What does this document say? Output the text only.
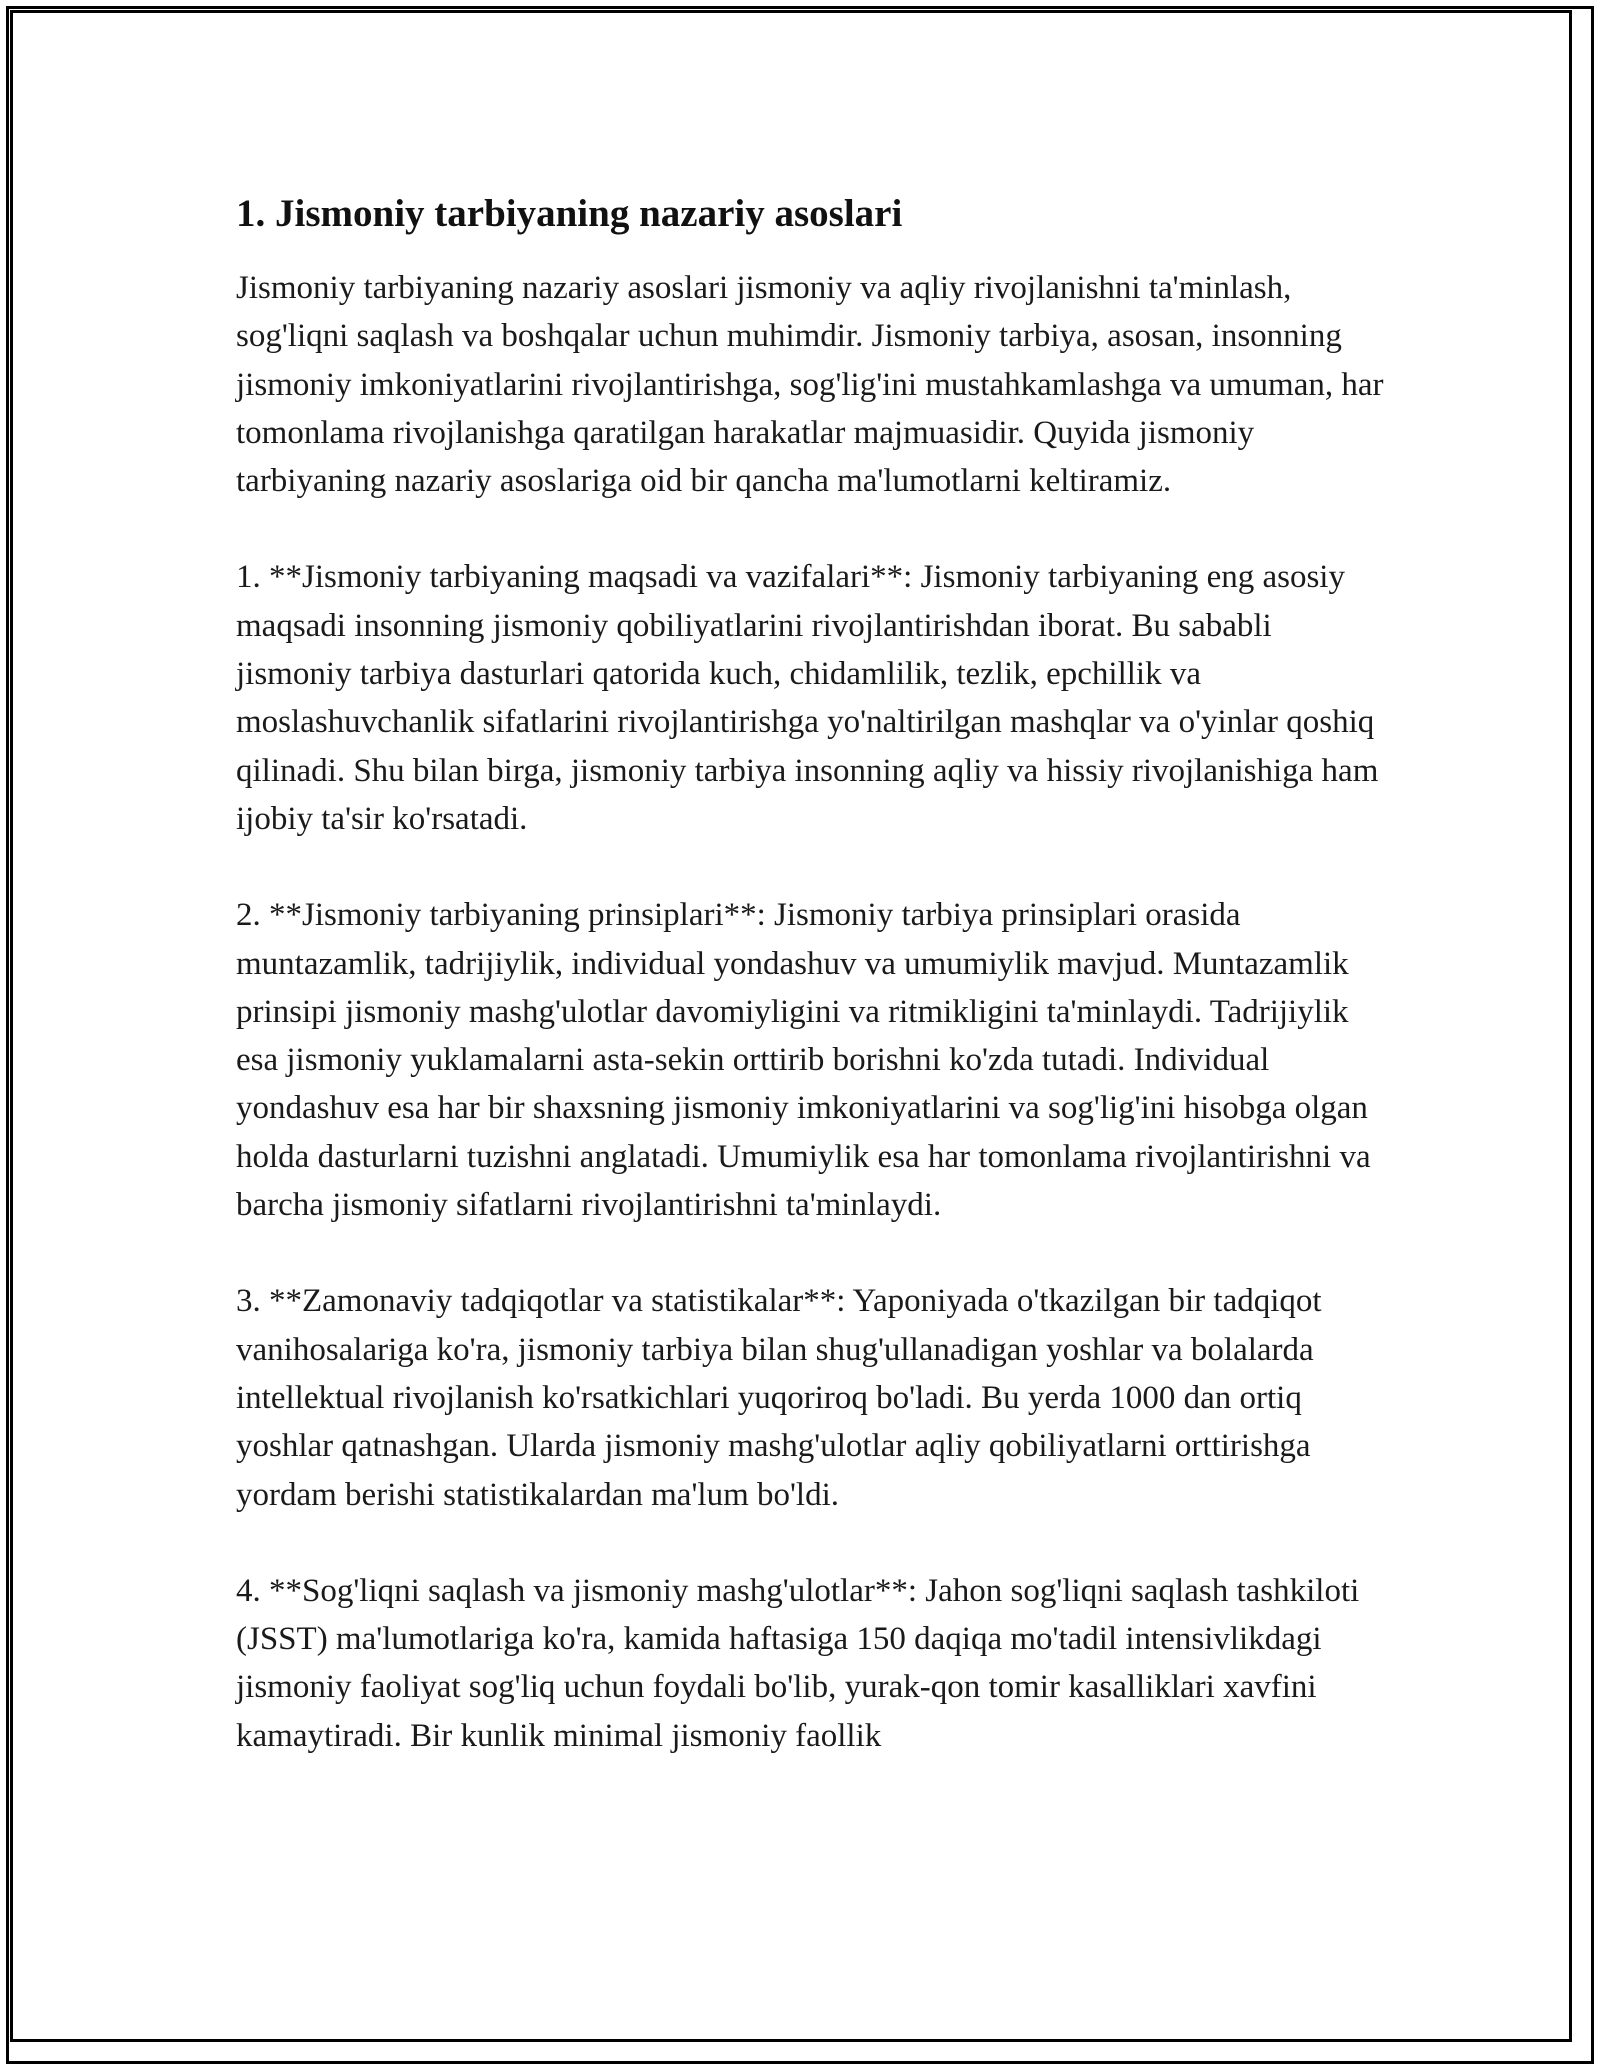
1. Jismoniy tarbiyaning nazariy asoslari

Jismoniy tarbiyaning nazariy asoslari jismoniy va aqliy rivojlanishni ta'minlash, sog'liqni saqlash va boshqalar uchun muhimdir. Jismoniy tarbiya, asosan, insonning jismoniy imkoniyatlarini rivojlantirishga, sog'lig'ini mustahkamlashga va umuman, har tomonlama rivojlanishga qaratilgan harakatlar majmuasidir. Quyida jismoniy tarbiyaning nazariy asoslariga oid bir qancha ma'lumotlarni keltiramiz.

1. **Jismoniy tarbiyaning maqsadi va vazifalari**: Jismoniy tarbiyaning eng asosiy maqsadi insonning jismoniy qobiliyatlarini rivojlantirishdan iborat. Bu sababli jismoniy tarbiya dasturlari qatorida kuch, chidamlilik, tezlik, epchillik va moslashuvchanlik sifatlarini rivojlantirishga yo'naltirilgan mashqlar va o'yinlar qoshiq qilinadi. Shu bilan birga, jismoniy tarbiya insonning aqliy va hissiy rivojlanishiga ham ijobiy ta'sir ko'rsatadi.

2. **Jismoniy tarbiyaning prinsiplari**: Jismoniy tarbiya prinsiplari orasida muntazamlik, tadrijiylik, individual yondashuv va umumiylik mavjud. Muntazamlik prinsipi jismoniy mashg'ulotlar davomiyligini va ritmikligini ta'minlaydi. Tadrijiylik esa jismoniy yuklamalarni asta-sekin orttirib borishni ko'zda tutadi. Individual yondashuv esa har bir shaxsning jismoniy imkoniyatlarini va sog'lig'ini hisobga olgan holda dasturlarni tuzishni anglatadi. Umumiylik esa har tomonlama rivojlantirishni va barcha jismoniy sifatlarni rivojlantirishni ta'minlaydi.

3. **Zamonaviy tadqiqotlar va statistikalar**: Yaponiyada o'tkazilgan bir tadqiqot vanihosalariga ko'ra, jismoniy tarbiya bilan shug'ullanadigan yoshlar va bolalarda intellektual rivojlanish ko'rsatkichlari yuqoriroq bo'ladi. Bu yerda 1000 dan ortiq yoshlar qatnashgan. Ularda jismoniy mashg'ulotlar aqliy qobiliyatlarni orttirishga yordam berishi statistikalardan ma'lum bo'ldi.

4. **Sog'liqni saqlash va jismoniy mashg'ulotlar**: Jahon sog'liqni saqlash tashkiloti (JSST) ma'lumotlariga ko'ra, kamida haftasiga 150 daqiqa mo'tadil intensivlikdagi jismoniy faoliyat sog'liq uchun foydali bo'lib, yurak-qon tomir kasalliklari xavfini kamaytiradi. Bir kunlik minimal jismoniy faollik
